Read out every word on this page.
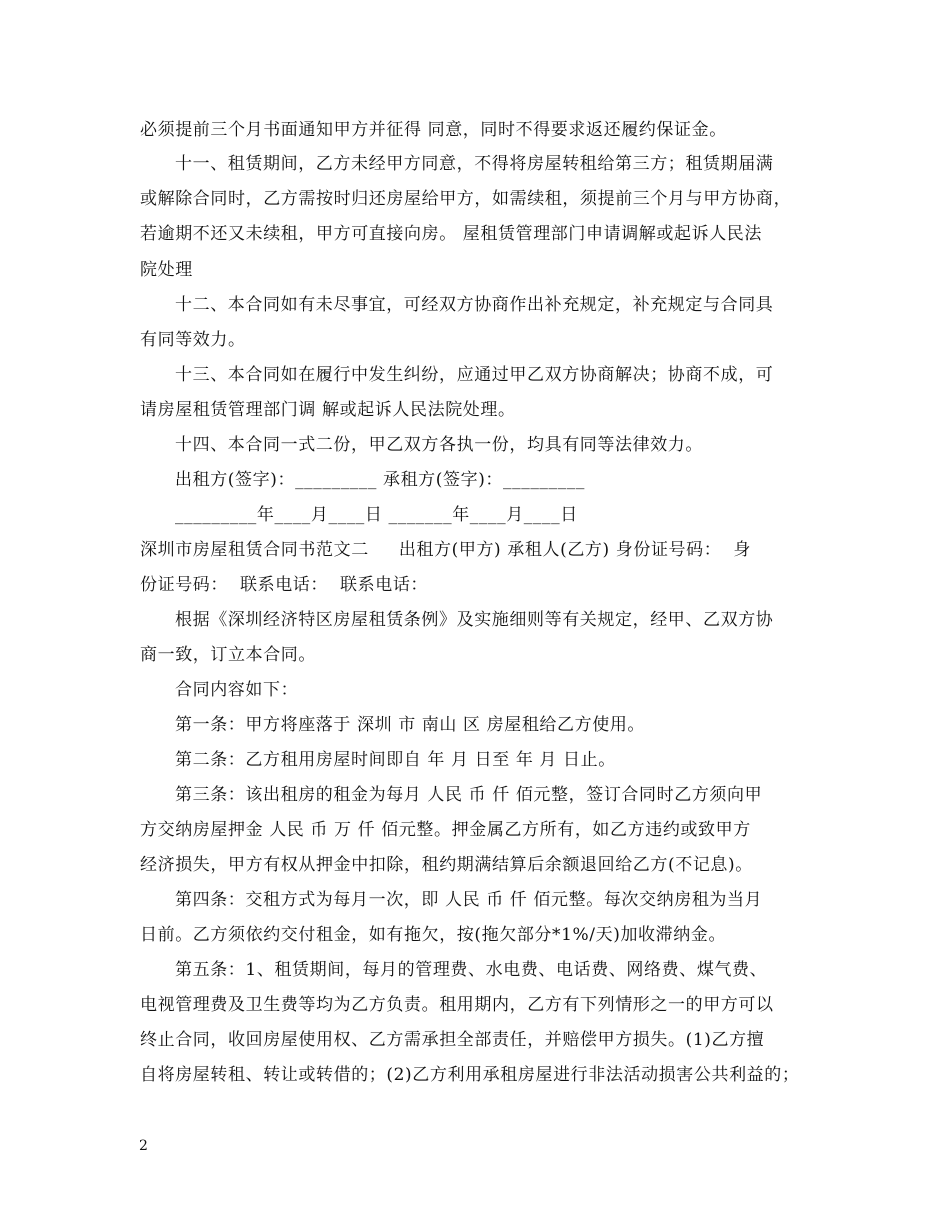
必须提前三个月书面通知甲方并征得 同意，同时不得要求返还履约保证金。
十一、租赁期间，乙方未经甲方同意，不得将房屋转租给第三方；租赁期届满
或解除合同时，乙方需按时归还房屋给甲方，如需续租，须提前三个月与甲方协商，
若逾期不还又未续租，甲方可直接向房。 屋租赁管理部门申请调解或起诉人民法
院处理
十二、本合同如有未尽事宜，可经双方协商作出补充规定，补充规定与合同具
有同等效力。
十三、本合同如在履行中发生纠纷，应通过甲乙双方协商解决；协商不成，可
请房屋租赁管理部门调 解或起诉人民法院处理。
十四、本合同一式二份，甲乙双方各执一份，均具有同等法律效力。
出租方(签字)：_________ 承租方(签字)：_________
_________年____月____日 _______年____月____日
深圳市房屋租赁合同书范文二     出租方(甲方) 承租人(乙方) 身份证号码：  身
份证号码：  联系电话：  联系电话：
根据《深圳经济特区房屋租赁条例》及实施细则等有关规定，经甲、乙双方协
商一致，订立本合同。
合同内容如下：
第一条：甲方将座落于 深圳 市 南山 区 房屋租给乙方使用。
第二条：乙方租用房屋时间即自 年 月 日至 年 月 日止。
第三条：该出租房的租金为每月 人民 币 仟 佰元整，签订合同时乙方须向甲
方交纳房屋押金 人民 币 万 仟 佰元整。押金属乙方所有，如乙方违约或致甲方
经济损失，甲方有权从押金中扣除，租约期满结算后余额退回给乙方(不记息)。
第四条：交租方式为每月一次，即 人民 币 仟 佰元整。每次交纳房租为当月
日前。乙方须依约交付租金，如有拖欠，按(拖欠部分*1%/天)加收滞纳金。
第五条：1、租赁期间，每月的管理费、水电费、电话费、网络费、煤气费、
电视管理费及卫生费等均为乙方负责。租用期内，乙方有下列情形之一的甲方可以
终止合同，收回房屋使用权、乙方需承担全部责任，并赔偿甲方损失。(1)乙方擅
自将房屋转租、转让或转借的；(2)乙方利用承租房屋进行非法活动损害公共利益的；
2
